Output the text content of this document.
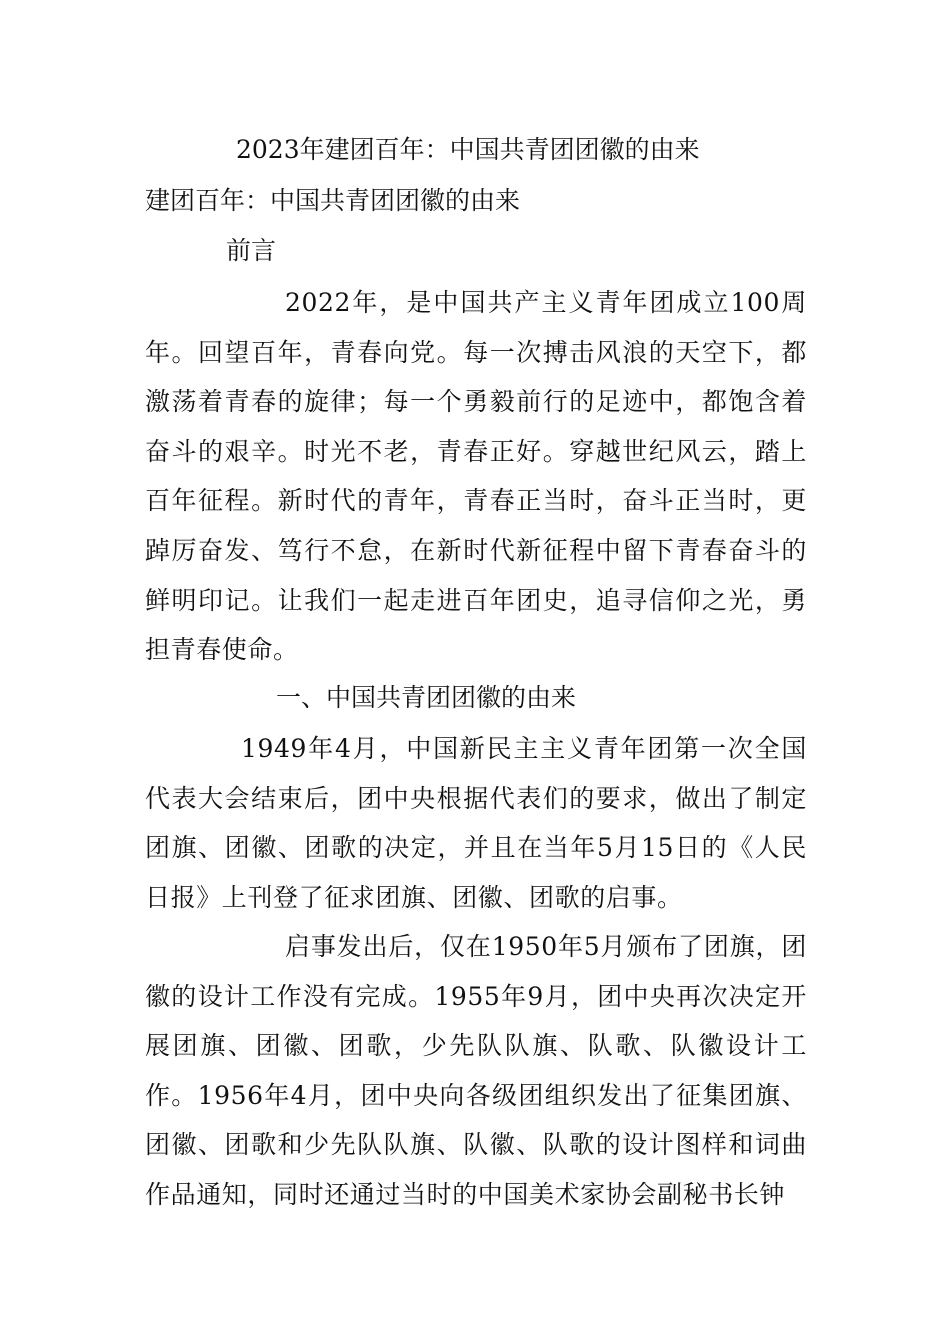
2023年建团百年：中国共青团团徽的由来
建团百年：中国共青团团徽的由来
前言
2022年，是中国共产主义青年团成立100周年。回望百年，青春向党。每一次搏击风浪的天空下，都激荡着青春的旋律；每一个勇毅前行的足迹中，都饱含着奋斗的艰辛。时光不老，青春正好。穿越世纪风云，踏上百年征程。新时代的青年，青春正当时，奋斗正当时，更踔厉奋发、笃行不怠，在新时代新征程中留下青春奋斗的鲜明印记。让我们一起走进百年团史，追寻信仰之光，勇担青春使命。
一、中国共青团团徽的由来
1949年4月，中国新民主主义青年团第一次全国代表大会结束后，团中央根据代表们的要求，做出了制定团旗、团徽、团歌的决定，并且在当年5月15日的《人民日报》上刊登了征求团旗、团徽、团歌的启事。
启事发出后，仅在1950年5月颁布了团旗，团徽的设计工作没有完成。1955年9月，团中央再次决定开展团旗、团徽、团歌，少先队队旗、队歌、队徽设计工作。1956年4月，团中央向各级团组织发出了征集团旗、团徽、团歌和少先队队旗、队徽、队歌的设计图样和词曲作品通知，同时还通过当时的中国美术家协会副秘书长钟
